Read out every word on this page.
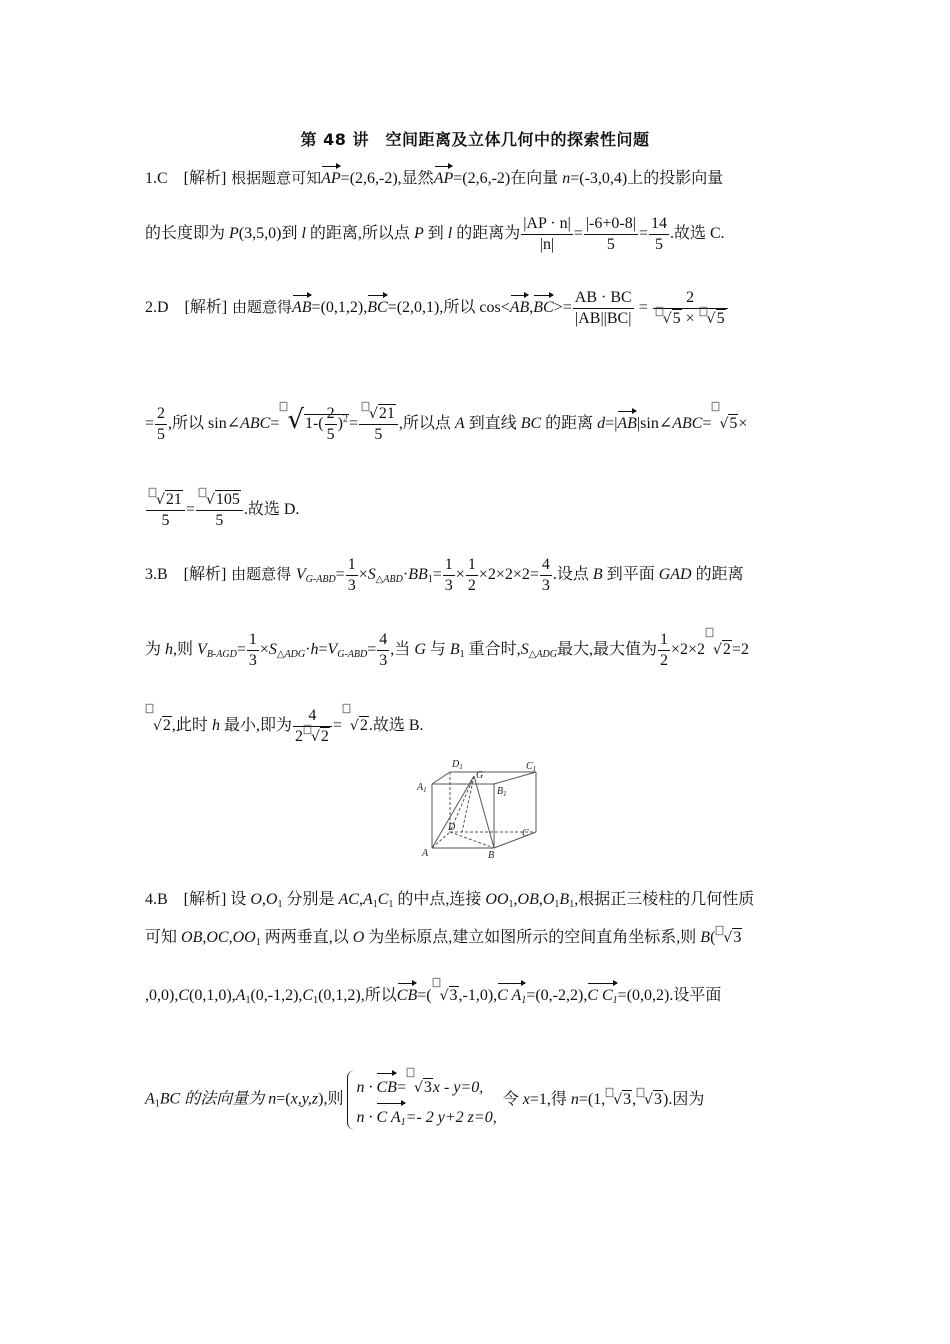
第 48 讲　空间距离及立体几何中的探索性问题
1.C　[解析] 根据题意可知AP=(2,6,-2),显然AP=(2,6,-2)在向量 n=(-3,0,4)上的投影向量
的长度即为 P(3,5,0)到 l 的距离,所以点 P 到 l 的距离为 $\frac{|AP \cdot n|}{|n|} = \frac{|-6+0-8|}{5} = \frac{14}{5}$ .故选 C.
2.D　[解析] 由题意得AB=(0,1,2),BC=(2,0,1),所以 $\cos<AB,BC>= \frac{AB \cdot BC}{|AB||BC|} = \frac{2}{√5 \times √5}$
= $\frac{2}{5}$ ,所以 sin∠ABC= $√1-( \frac{2}{5} )^2= \frac{√21}{5}$ ,所以点 A 到直线 BC 的距离 d=|AB|sin∠ABC= √5×
$\frac{√21}{5} = \frac{√105}{5}$ .故选 D.
3.B　[解析] 由题意得 $V_{G-ABD}= \frac{1}{3} \times S_{\triangle ABD}\cdot BB_1= \frac{1}{3} \times \frac{1}{2} \times 2\times 2\times 2= \frac{4}{3}$ .设点 B 到平面 GAD 的距离
为 h,则 $V_{B-AGD}= \frac{1}{3} \times S_{\triangle ADG}\cdot h=V_{G-ABD}= \frac{4}{3}$ ,当 G 与 $B_1$ 重合时$,S_{\triangle ADG}$最大,最大值为 $\frac{1}{2} \times 2\times 2$ √2=2
√2,此时 h 最小,即为 $\frac{4}{2 √2} = √2$.故选 B.
$D_1$
G
$C_1$
$A_1$	$B_1$
D
A	B
C
4.B　[解析] 设 $O,O_1$ 分别是 $AC,A_1C_1$ 的中点,连接 $OO_1,OB,O_1B_1$,根据正三棱柱的几何性质
可知 $OB,OC,OO_1$ 两两垂直,以 O 为坐标原点,建立如图所示的空间直角坐标系,则 B( √3
$,0,0),C(0,1,0),A_1(0,-1,2),C_1(0,1,2)$,所以CB=( √3,-1,0),C $A_1=(0,-2,2),C$ $C_1=(0,0,2)$.设平面
$A_1BC$ 的法向量为 n=(x,y,z),则
n · CB= √3x - y=0,
n · C $A_1=-$ 2 y+2 z=0,
令 x=1,得 n=(1, √3, √3).因为
